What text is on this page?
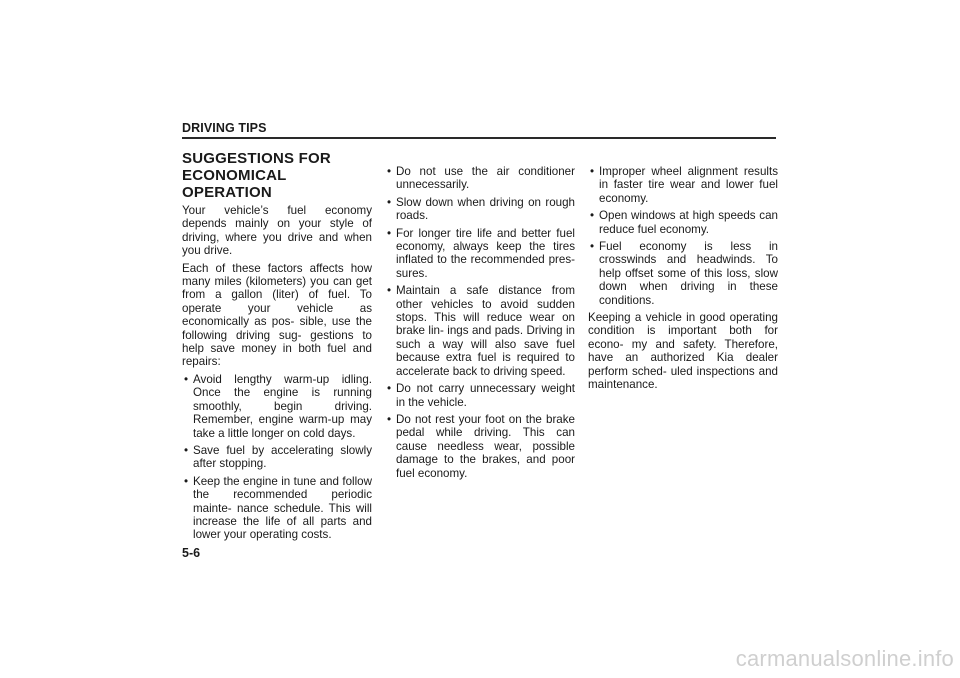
DRIVING TIPS
SUGGESTIONS FOR ECONOMICAL OPERATION

Your vehicle’s fuel economy depends mainly on your style of driving, where you drive and when you drive.

Each of these factors affects how many miles (kilometers) you can get from a gallon (liter) of fuel. To operate your vehicle as economically as pos- sible, use the following driving sug- gestions to help save money in both fuel and repairs:

• Avoid lengthy warm-up idling. Once the engine is running smoothly, begin driving. Remember, engine warm-up may take a little longer on cold days.
• Save fuel by accelerating slowly after stopping.
• Keep the engine in tune and follow the recommended periodic mainte- nance schedule. This will increase the life of all parts and lower your operating costs.
• Do not use the air conditioner unnecessarily.
• Slow down when driving on rough roads.
• For longer tire life and better fuel economy, always keep the tires inflated to the recommended pres- sures.
• Maintain a safe distance from other vehicles to avoid sudden stops. This will reduce wear on brake lin- ings and pads. Driving in such a way will also save fuel because extra fuel is required to accelerate back to driving speed.
• Do not carry unnecessary weight in the vehicle.
• Do not rest your foot on the brake pedal while driving. This can cause needless wear, possible damage to the brakes, and poor fuel economy.
• Improper wheel alignment results in faster tire wear and lower fuel economy.
• Open windows at high speeds can reduce fuel economy.
• Fuel economy is less in crosswinds and headwinds. To help offset some of this loss, slow down when driving in these conditions.

Keeping a vehicle in good operating condition is important both for econo- my and safety. Therefore, have an authorized Kia dealer perform sched- uled inspections and maintenance.

5-6
carmanualsonline.info
